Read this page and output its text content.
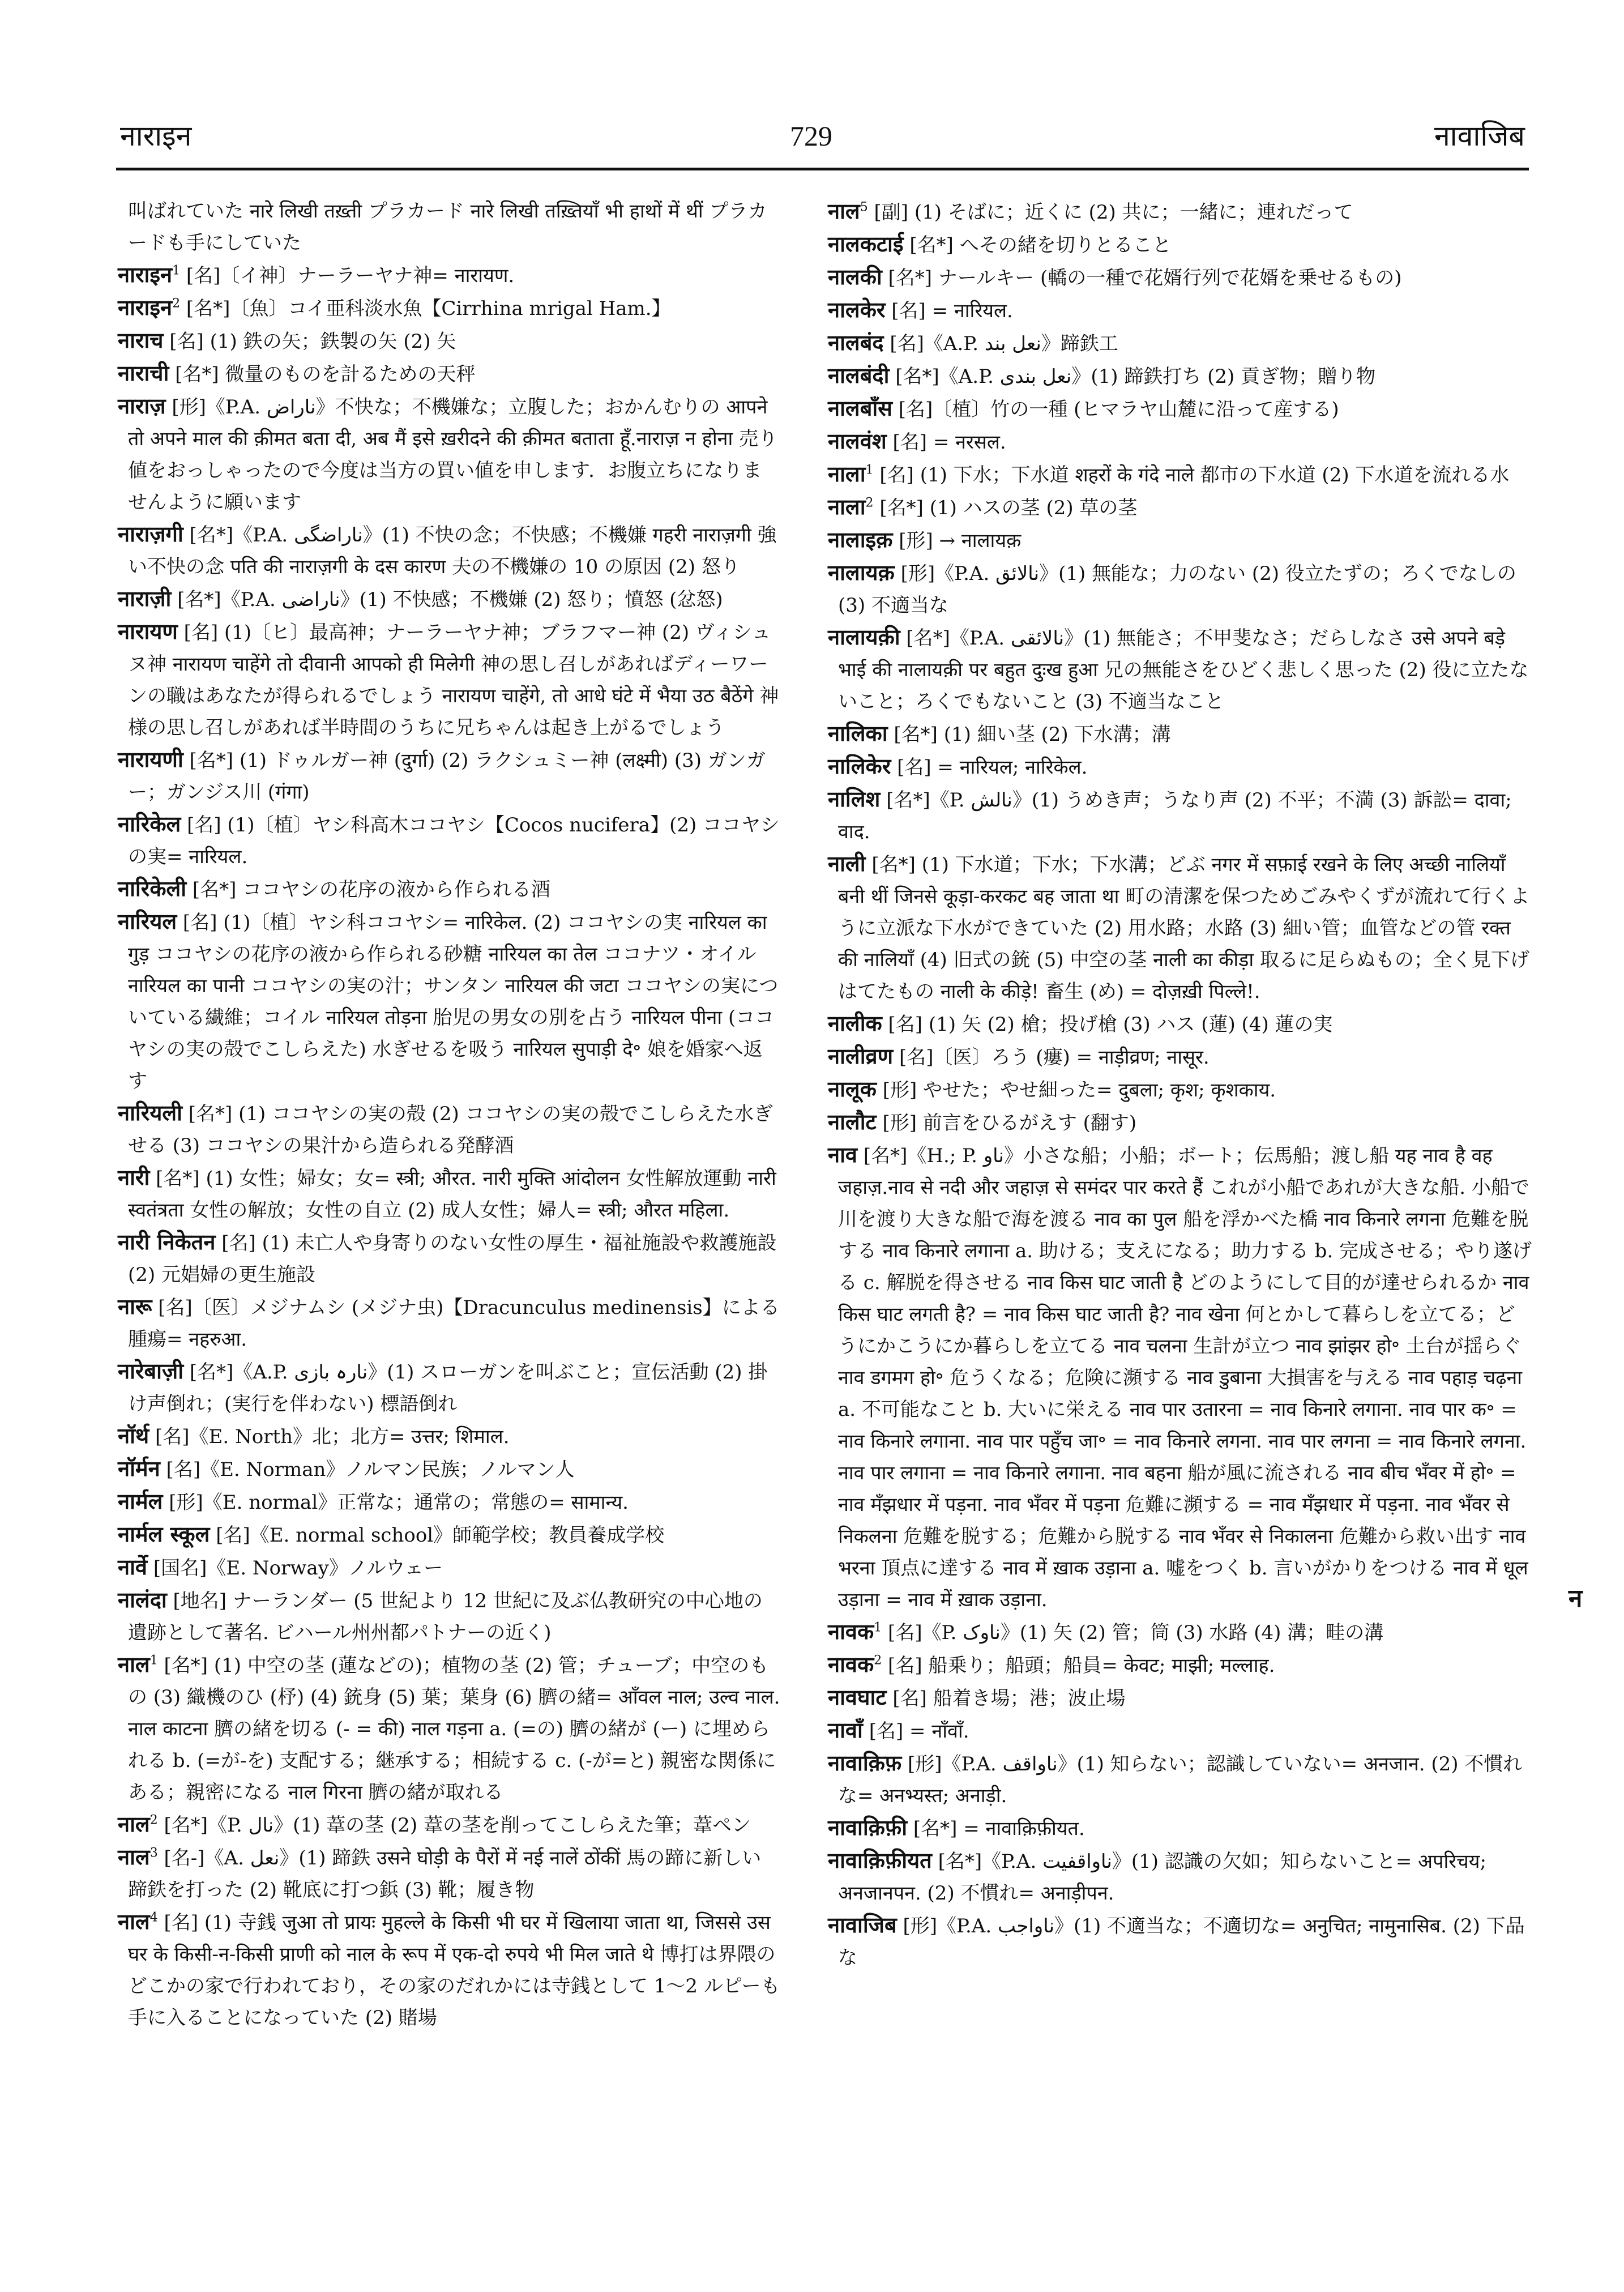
नाराइन	729	नावाजिब

叫ばれていた नारे लिखी तख़्ती プラカード नारे लिखी तख़्तियाँ भी हाथों में थीं プラカードも手にしていた

नाराइन$^1$ [名]〔イ神〕ナーラーヤナ神= नारायण.

नाराइन$^2$ [名*]〔魚〕コイ亜科淡水魚【Cirrhina mrigal Ham.】

नाराच [名] (1) 鉄の矢；鉄製の矢 (2) 矢

नाराची [名*] 微量のものを計るための天秤

नाराज़ [形]《P.A. ناراض》不快な；不機嫌な；立腹した；おかんむりの आपने तो अपने माल की क़ीमत बता दी, अब मैं इसे ख़रीदने की क़ीमत बताता हूँ.नाराज़ न होना 売り値をおっしゃったので今度は当方の買い値を申します．お腹立ちになりませんように願います

नाराज़गी [名*]《P.A. ناراضگی》(1) 不快の念；不快感；不機嫌 गहरी नाराज़गी 強い不快の念 पति की नाराज़गी के दस कारण 夫の不機嫌の 10 の原因 (2) 怒り

नाराज़ी [名*]《P.A. ناراضی》(1) 不快感；不機嫌 (2) 怒り；憤怒 (忿怒)

नारायण [名] (1)〔ヒ〕最高神；ナーラーヤナ神；ブラフマー神 (2) ヴィシュヌ神 नारायण चाहेंगे तो दीवानी आपको ही मिलेगी 神の思し召しがあればディーワーンの職はあなたが得られるでしょう नारायण चाहेंगे, तो आधे घंटे में भैया उठ बैठेंगे 神様の思し召しがあれば半時間のうちに兄ちゃんは起き上がるでしょう

नारायणी [名*] (1) ドゥルガー神 (दुर्गा) (2) ラクシュミー神 (लक्ष्मी) (3) ガンガー；ガンジス川 (गंगा)

नारिकेल [名] (1)〔植〕ヤシ科高木ココヤシ【Cocos nucifera】(2) ココヤシの実= नारियल.

नारिकेली [名*] ココヤシの花序の液から作られる酒

नारियल [名] (1)〔植〕ヤシ科ココヤシ= नारिकेल. (2) ココヤシの実 नारियल का गुड़ ココヤシの花序の液から作られる砂糖 नारियल का तेल ココナツ・オイル नारियल का पानी ココヤシの実の汁；サンタン नारियल की जटा ココヤシの実についている繊維；コイル नारियल तोड़ना 胎児の男女の別を占う नारियल पीना (ココヤシの実の殻でこしらえた) 水ぎせるを吸う नारियल सुपाड़ी दे॰ 娘を婚家へ返す

नारियली [名*] (1) ココヤシの実の殻 (2) ココヤシの実の殻でこしらえた水ぎせる (3) ココヤシの果汁から造られる発酵酒

नारी [名*] (1) 女性；婦女；女= स्त्री; औरत. नारी मुक्ति आंदोलन 女性解放運動 नारी स्वतंत्रता 女性の解放；女性の自立 (2) 成人女性；婦人= स्त्री; औरत महिला.

नारी निकेतन [名] (1) 未亡人や身寄りのない女性の厚生・福祉施設や救護施設 (2) 元娼婦の更生施設

नारू [名]〔医〕メジナムシ (メジナ虫)【Dracunculus medinensis】による腫瘍= नहरुआ.

नारेबाज़ी [名*]《A.P. نارہ بازی》(1) スローガンを叫ぶこと；宣伝活動 (2) 掛け声倒れ；(実行を伴わない) 標語倒れ

नॉर्थ [名]《E. North》北；北方= उत्तर; शिमाल.

नॉर्मन [名]《E. Norman》ノルマン民族；ノルマン人

नार्मल [形]《E. normal》正常な；通常の；常態の= सामान्य.

नार्मल स्कूल [名]《E. normal school》師範学校；教員養成学校

नार्वे [国名]《E. Norway》ノルウェー

नालंदा [地名] ナーランダー (5 世紀より 12 世紀に及ぶ仏教研究の中心地の遺跡として著名. ビハール州州都パトナーの近く)

नाल$^1$ [名*] (1) 中空の茎 (蓮などの)；植物の茎 (2) 管；チューブ；中空のもの (3) 織機のひ (杼) (4) 銃身 (5) 葉；葉身 (6) 臍の緒= आँवल नाल; उल्व नाल. नाल काटना 臍の緒を切る (- = की) नाल गड़ना a. (=の) 臍の緒が (ー) に埋められる b. (=が-を) 支配する；継承する；相続する c. (-が=と) 親密な関係にある；親密になる नाल गिरना 臍の緒が取れる

नाल$^2$ [名*]《P. نال》(1) 葦の茎 (2) 葦の茎を削ってこしらえた筆；葦ペン

नाल$^3$ [名-]《A. نعل》(1) 蹄鉄 उसने घोड़ी के पैरों में नई नालें ठोंकीं 馬の蹄に新しい蹄鉄を打った (2) 靴底に打つ鋲 (3) 靴；履き物

नाल$^4$ [名] (1) 寺銭 जुआ तो प्रायः मुहल्ले के किसी भी घर में खिलाया जाता था, जिससे उस घर के किसी-न-किसी प्राणी को नाल के रूप में एक-दो रुपये भी मिल जाते थे 博打は界隈のどこかの家で行われており，その家のだれかには寺銭として 1〜2 ルピーも手に入ることになっていた (2) 賭場

नाल$^5$ [副] (1) そばに；近くに (2) 共に；一緒に；連れだって

नालकटाई [名*] へその緒を切りとること

नालकी [名*] ナールキー (轎の一種で花婿行列で花婿を乗せるもの)

नालकेर [名] = नारियल.

नालबंद [名]《A.P. نعل بند》蹄鉄工

नालबंदी [名*]《A.P. نعل بندی》(1) 蹄鉄打ち (2) 貢ぎ物；贈り物

नालबाँस [名]〔植〕竹の一種 (ヒマラヤ山麓に沿って産する)

नालवंश [名] = नरसल.

नाला$^1$ [名] (1) 下水；下水道 शहरों के गंदे नाले 都市の下水道 (2) 下水道を流れる水

नाला$^2$ [名*] (1) ハスの茎 (2) 草の茎

नालाइक़ [形] → नालायक़

नालायक़ [形]《P.A. نالائق》(1) 無能な；力のない (2) 役立たずの；ろくでなしの (3) 不適当な

नालायक़ी [名*]《P.A. نالائقی》(1) 無能さ；不甲斐なさ；だらしなさ उसे अपने बड़े भाई की नालायक़ी पर बहुत दुःख हुआ 兄の無能さをひどく悲しく思った (2) 役に立たないこと；ろくでもないこと (3) 不適当なこと

नालिका [名*] (1) 細い茎 (2) 下水溝；溝

नालिकेर [名] = नारियल; नारिकेल.

नालिश [名*]《P. نالش》(1) うめき声；うなり声 (2) 不平；不満 (3) 訴訟= दावा; वाद.

नाली [名*] (1) 下水道；下水；下水溝；どぶ नगर में सफ़ाई रखने के लिए अच्छी नालियाँ बनी थीं जिनसे कूड़ा-करकट बह जाता था 町の清潔を保つためごみやくずが流れて行くように立派な下水ができていた (2) 用水路；水路 (3) 細い管；血管などの管 रक्त की नालियाँ (4) 旧式の銃 (5) 中空の茎 नाली का कीड़ा 取るに足らぬもの；全く見下げはてたもの नाली के कीड़े! 畜生 (め) = दोज़ख़ी पिल्ले!.

नालीक [名] (1) 矢 (2) 槍；投げ槍 (3) ハス (蓮) (4) 蓮の実

नालीव्रण [名]〔医〕ろう (瘻) = नाड़ीव्रण; नासूर.

नालूक [形] やせた；やせ細った= दुबला; कृश; कृशकाय.

नालौट [形] 前言をひるがえす (翻す)

नाव [名*]《H.; P. ناو》小さな船；小船；ボート；伝馬船；渡し船 यह नाव है वह जहाज़.नाव से नदी और जहाज़ से समंदर पार करते हैं これが小船であれが大きな船. 小船で川を渡り大きな船で海を渡る नाव का पुल 船を浮かべた橋 नाव किनारे लगना 危難を脱する नाव किनारे लगाना a. 助ける；支えになる；助力する b. 完成させる；やり遂げる c. 解脱を得させる नाव किस घाट जाती है どのようにして目的が達せられるか नाव किस घाट लगती है? = नाव किस घाट जाती है? नाव खेना 何とかして暮らしを立てる；どうにかこうにか暮らしを立てる नाव चलना 生計が立つ नाव झांझर हो॰ 土台が揺らぐ नाव डगमग हो॰ 危うくなる；危険に瀕する नाव डुबाना 大損害を与える नाव पहाड़ चढ़ना a. 不可能なこと b. 大いに栄える नाव पार उतारना = नाव किनारे लगाना. नाव पार क॰ = नाव किनारे लगाना. नाव पार पहुँच जा॰ = नाव किनारे लगना. नाव पार लगना = नाव किनारे लगना. नाव पार लगाना = नाव किनारे लगाना. नाव बहना 船が風に流される नाव बीच भँवर में हो॰ = नाव मँझधार में पड़ना. नाव भँवर में पड़ना 危難に瀕する = नाव मँझधार में पड़ना. नाव भँवर से निकलना 危難を脱する；危難から脱する नाव भँवर से निकालना 危難から救い出す नाव भरना 頂点に達する नाव में ख़ाक उड़ाना a. 嘘をつく b. 言いがかりをつける नाव में धूल उड़ाना = नाव में ख़ाक उड़ाना.

नावक$^1$ [名]《P. ناوک》(1) 矢 (2) 管；筒 (3) 水路 (4) 溝；畦の溝

नावक$^2$ [名] 船乗り；船頭；船員= केवट; माझी; मल्लाह.

नावघाट [名] 船着き場；港；波止場

नावाँ [名] = नाँवाँ.

नावाक़िफ़ [形]《P.A. ناواقف》(1) 知らない；認識していない= अनजान. (2) 不慣れな= अनभ्यस्त; अनाड़ी.

नावाक़िफ़ी [名*] = नावाक़िफ़ीयत.

नावाक़िफ़ीयत [名*]《P.A. ناواقفیت》(1) 認識の欠如；知らないこと= अपरिचय; अनजानपन. (2) 不慣れ= अनाड़ीपन.

नावाजिब [形]《P.A. ناواجب》(1) 不適当な；不適切な= अनुचित; नामुनासिब. (2) 下品な

न
